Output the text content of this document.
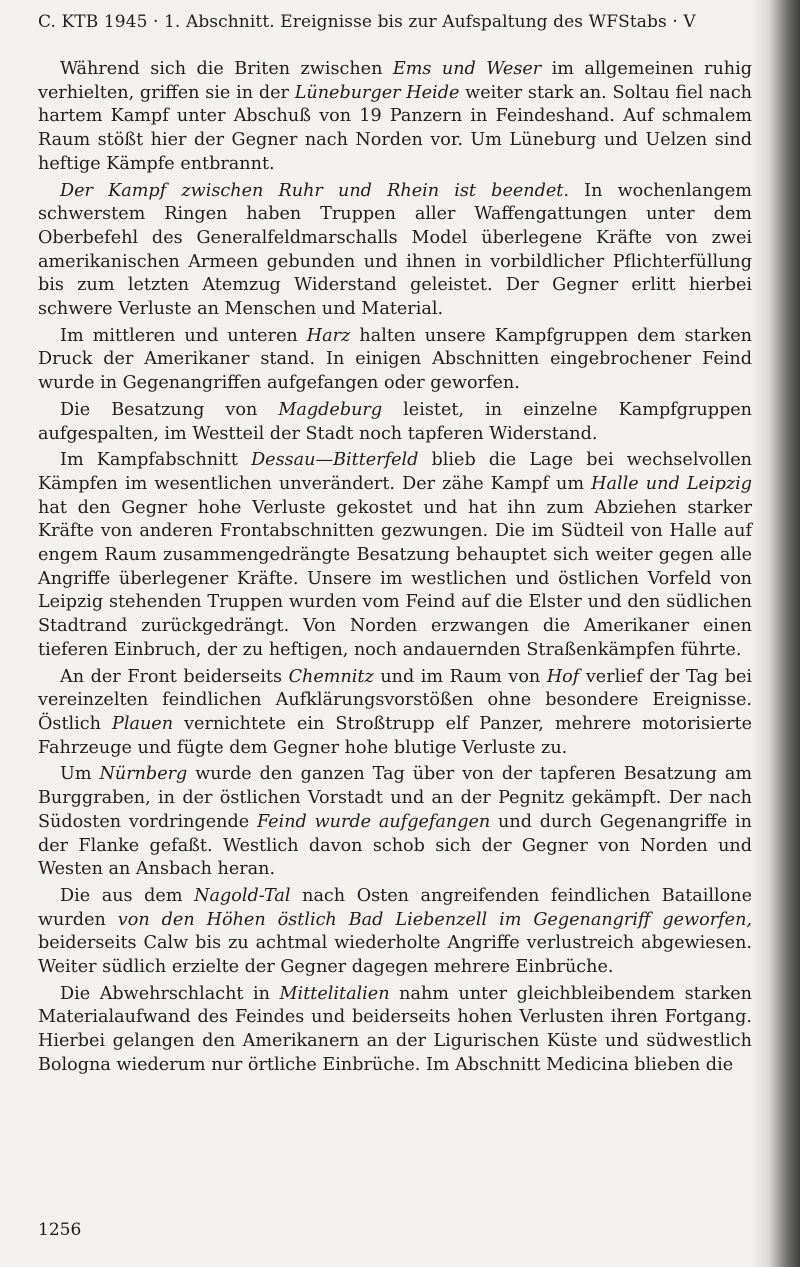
C. KTB 1945 · 1. Abschnitt. Ereignisse bis zur Aufspaltung des WFStabs · V

Während sich die Briten zwischen Ems und Weser im allgemeinen ruhig verhielten, griffen sie in der Lüneburger Heide weiter stark an. Soltau fiel nach hartem Kampf unter Abschuß von 19 Panzern in Feindeshand. Auf schmalem Raum stößt hier der Gegner nach Norden vor. Um Lüneburg und Uelzen sind heftige Kämpfe entbrannt.

Der Kampf zwischen Ruhr und Rhein ist beendet. In wochenlangem schwerstem Ringen haben Truppen aller Waffengattungen unter dem Oberbefehl des Generalfeldmarschalls Model überlegene Kräfte von zwei amerikanischen Armeen gebunden und ihnen in vorbildlicher Pflichterfüllung bis zum letzten Atemzug Widerstand geleistet. Der Gegner erlitt hierbei schwere Verluste an Menschen und Material.

Im mittleren und unteren Harz halten unsere Kampfgruppen dem starken Druck der Amerikaner stand. In einigen Abschnitten eingebrochener Feind wurde in Gegenangriffen aufgefangen oder geworfen.

Die Besatzung von Magdeburg leistet, in einzelne Kampfgruppen aufgespalten, im Westteil der Stadt noch tapferen Widerstand.

Im Kampfabschnitt Dessau—Bitterfeld blieb die Lage bei wechselvollen Kämpfen im wesentlichen unverändert. Der zähe Kampf um Halle und Leipzig hat den Gegner hohe Verluste gekostet und hat ihn zum Abziehen starker Kräfte von anderen Frontabschnitten gezwungen. Die im Südteil von Halle auf engem Raum zusammengedrängte Besatzung behauptet sich weiter gegen alle Angriffe überlegener Kräfte. Unsere im westlichen und östlichen Vorfeld von Leipzig stehenden Truppen wurden vom Feind auf die Elster und den südlichen Stadtrand zurückgedrängt. Von Norden erzwangen die Amerikaner einen tieferen Einbruch, der zu heftigen, noch andauernden Straßenkämpfen führte.

An der Front beiderseits Chemnitz und im Raum von Hof verlief der Tag bei vereinzelten feindlichen Aufklärungsvorstößen ohne besondere Ereignisse. Östlich Plauen vernichtete ein Stroßtrupp elf Panzer, mehrere motorisierte Fahrzeuge und fügte dem Gegner hohe blutige Verluste zu.

Um Nürnberg wurde den ganzen Tag über von der tapferen Besatzung am Burggraben, in der östlichen Vorstadt und an der Pegnitz gekämpft. Der nach Südosten vordringende Feind wurde aufgefangen und durch Gegenangriffe in der Flanke gefaßt. Westlich davon schob sich der Gegner von Norden und Westen an Ansbach heran.

Die aus dem Nagold-Tal nach Osten angreifenden feindlichen Bataillone wurden von den Höhen östlich Bad Liebenzell im Gegenangriff geworfen, beiderseits Calw bis zu achtmal wiederholte Angriffe verlustreich abgewiesen. Weiter südlich erzielte der Gegner dagegen mehrere Einbrüche.

Die Abwehrschlacht in Mittelitalien nahm unter gleichbleibendem starken Materialaufwand des Feindes und beiderseits hohen Verlusten ihren Fortgang. Hierbei gelangen den Amerikanern an der Ligurischen Küste und südwestlich Bologna wiederum nur örtliche Einbrüche. Im Abschnitt Medicina blieben die

1256
